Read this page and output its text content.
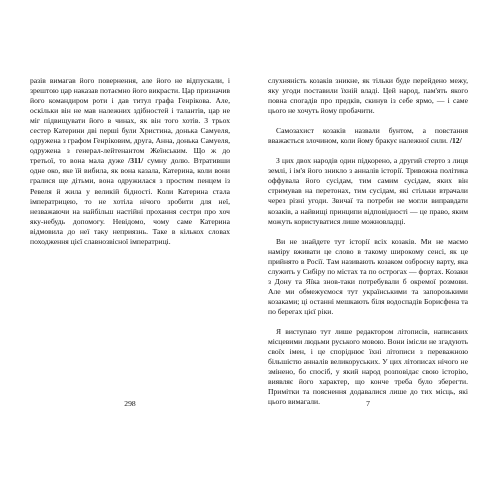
разів вимагав його повернення, але його не відпускали, і зрештою цар наказав потаємно його викрасти. Цар призначив його командиром роти і дав титул графа Генрікова. Але, оскільки він не мав належних здібностей і талантів, цар не міг підвищувати його в чинах, як він того хотів. З трьох сестер Катерини дві перші були Христина, донька Самуеля, одружена з графом Генріковим, друга, Анна, донька Самуеля, одружена з генерал-лейтенантом Жеїнським. Що ж до третьої, то вона мала дуже /311/ сумну долю. Втративши одне око, яке їй вибила, як вона казала, Катерина, коли вони гралися ще дітьми, вона одружилася з простим пенцем із Ревеля й жила у великій бідності. Коли Катерина стала імператрицею, то не хотіла нічого зробити для неї, незважаючи на найбільш настійні прохання сестри про хоч яку-небудь допомогу. Невідомо, чому саме Катерина відмовила до неї таку неприязнь. Таке в кількох словах походження цієї славнозвісної імператриці.

слухняність козаків зникне, як тільки буде перейдено межу, яку угоди поставили їхній владі. Цей народ, пам'ять якого повна спогадів про предків, скинув із себе ярмо, — і саме цього не хочуть йому пробачити.

Самозахист козаків назвали бунтом, а повстання вважається злочином, коли йому бракує належної сили. /12/

З цих двох народів один підкорено, а другий стерто з лиця землі, і ім'я його зникло з анналів історії. Тривожна політика оффувала його сусідам, тим самим сусідам, яких він стримував на перетонах, тим сусідам, які стільки втрачали через різні угоди. Звичаї та потреби не могли виправдати козаків, а найвищі принципи відповідності — це право, яким можуть користуватися лише можновладці.

Ви не знайдете тут історії всіх козаків. Ми не маємо наміру вживати це слово в такому широкому сенсі, як це прийнято в Росії. Там називають козаком озброєну варту, яка служить у Сибіру по містах та по острогах — фортах. Козаки з Дону та Яїка знов-таки потребували б окремої розмови. Але ми обмежуємося тут українськими та запорозькими козаками; ці останні мешкають біля водоспадів Борисфена та по берегах цієї ріки.

Я виступаю тут лише редактором літописів, написаних місцевими людьми руського мовою. Вони імісли не згадують своїх імен, і це споріднює їхні літописи з переважною більшістю анналів великоруських. У цих літописах нічого не змінено, бо спосіб, у який народ розповідає свою історію, виявляє його характер, що конче треба було зберегти. Примітки та пояснення додавалися лише до тих місць, які цього вимагали.

298	7
